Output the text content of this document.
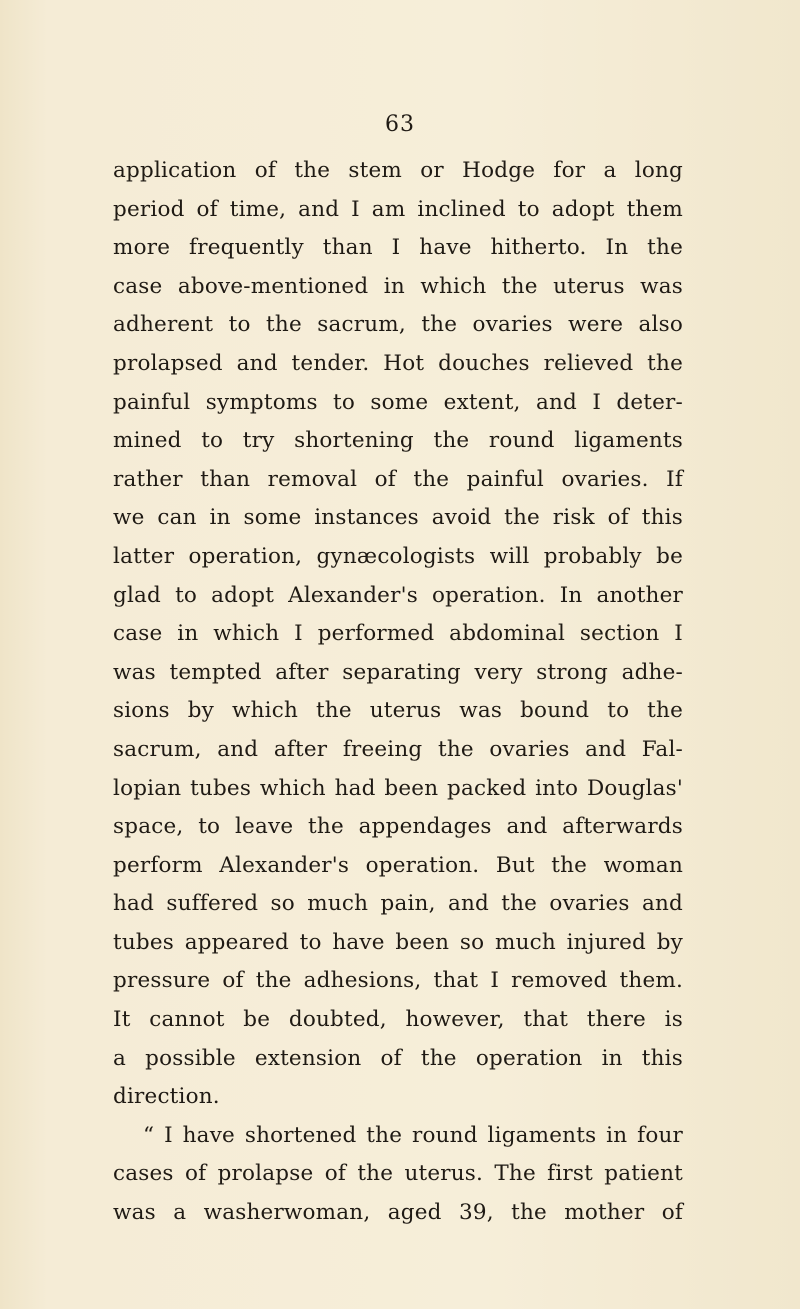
63
application of the stem or Hodge for a long
period of time, and I am inclined to adopt them
more frequently than I have hitherto. In the
case above-mentioned in which the uterus was
adherent to the sacrum, the ovaries were also
prolapsed and tender. Hot douches relieved the
painful symptoms to some extent, and I deter-
mined to try shortening the round ligaments
rather than removal of the painful ovaries. If
we can in some instances avoid the risk of this
latter operation, gynæcologists will probably be
glad to adopt Alexander's operation. In another
case in which I performed abdominal section I
was tempted after separating very strong adhe-
sions by which the uterus was bound to the
sacrum, and after freeing the ovaries and Fal-
lopian tubes which had been packed into Douglas'
space, to leave the appendages and afterwards
perform Alexander's operation. But the woman
had suffered so much pain, and the ovaries and
tubes appeared to have been so much injured by
pressure of the adhesions, that I removed them.
It cannot be doubted, however, that there is
a possible extension of the operation in this
direction.
“ I have shortened the round ligaments in four
cases of prolapse of the uterus. The first patient
was a washerwoman, aged 39, the mother of
